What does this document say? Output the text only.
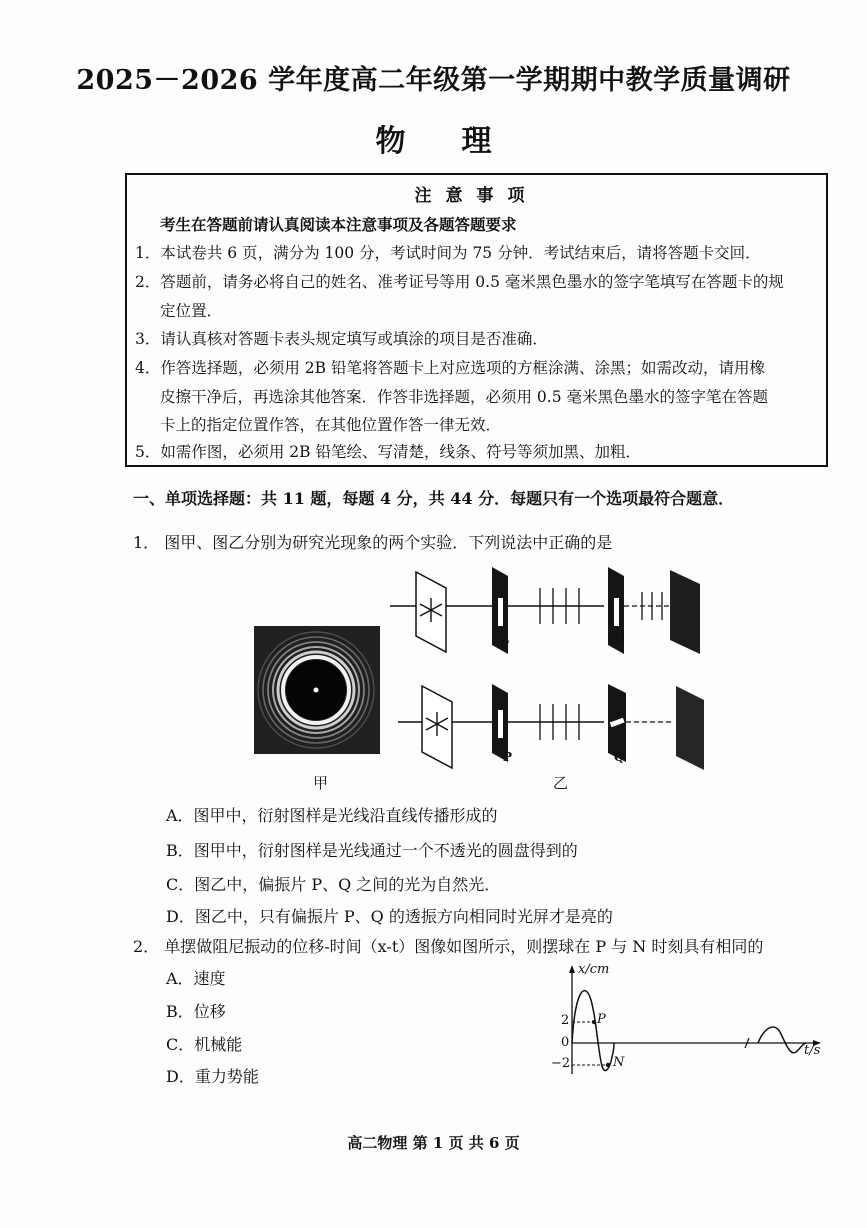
2025－2026 学年度高二年级第一学期期中教学质量调研
物理
注意事项
考生在答题前请认真阅读本注意事项及各题答题要求
1．本试卷共 6 页，满分为 100 分，考试时间为 75 分钟．考试结束后，请将答题卡交回．
2．答题前，请务必将自己的姓名、准考证号等用 0.5 毫米黑色墨水的签字笔填写在答题卡的规
定位置．
3．请认真核对答题卡表头规定填写或填涂的项目是否准确．
4．作答选择题，必须用 2B 铅笔将答题卡上对应选项的方框涂满、涂黑；如需改动，请用橡
皮擦干净后，再选涂其他答案．作答非选择题，必须用 0.5 毫米黑色墨水的签字笔在答题
卡上的指定位置作答，在其他位置作答一律无效．
5．如需作图，必须用 2B 铅笔绘、写清楚，线条、符号等须加黑、加粗．
一、单项选择题：共 11 题，每题 4 分，共 44 分．每题只有一个选项最符合题意．
1． 图甲、图乙分别为研究光现象的两个实验．下列说法中正确的是
甲
P	Q
P	Q
乙
A．图甲中，衍射图样是光线沿直线传播形成的
B．图甲中，衍射图样是光线通过一个不透光的圆盘得到的
C．图乙中，偏振片 P、Q 之间的光为自然光．
D．图乙中，只有偏振片 P、Q 的透振方向相同时光屏才是亮的
2． 单摆做阻尼振动的位移-时间（x-t）图像如图所示，则摆球在 P 与 N 时刻具有相同的
A．速度
B．位移
C．机械能
D．重力势能
x/cm
t/s
2
0
−2
P
N
高二物理 第 1 页 共 6 页
